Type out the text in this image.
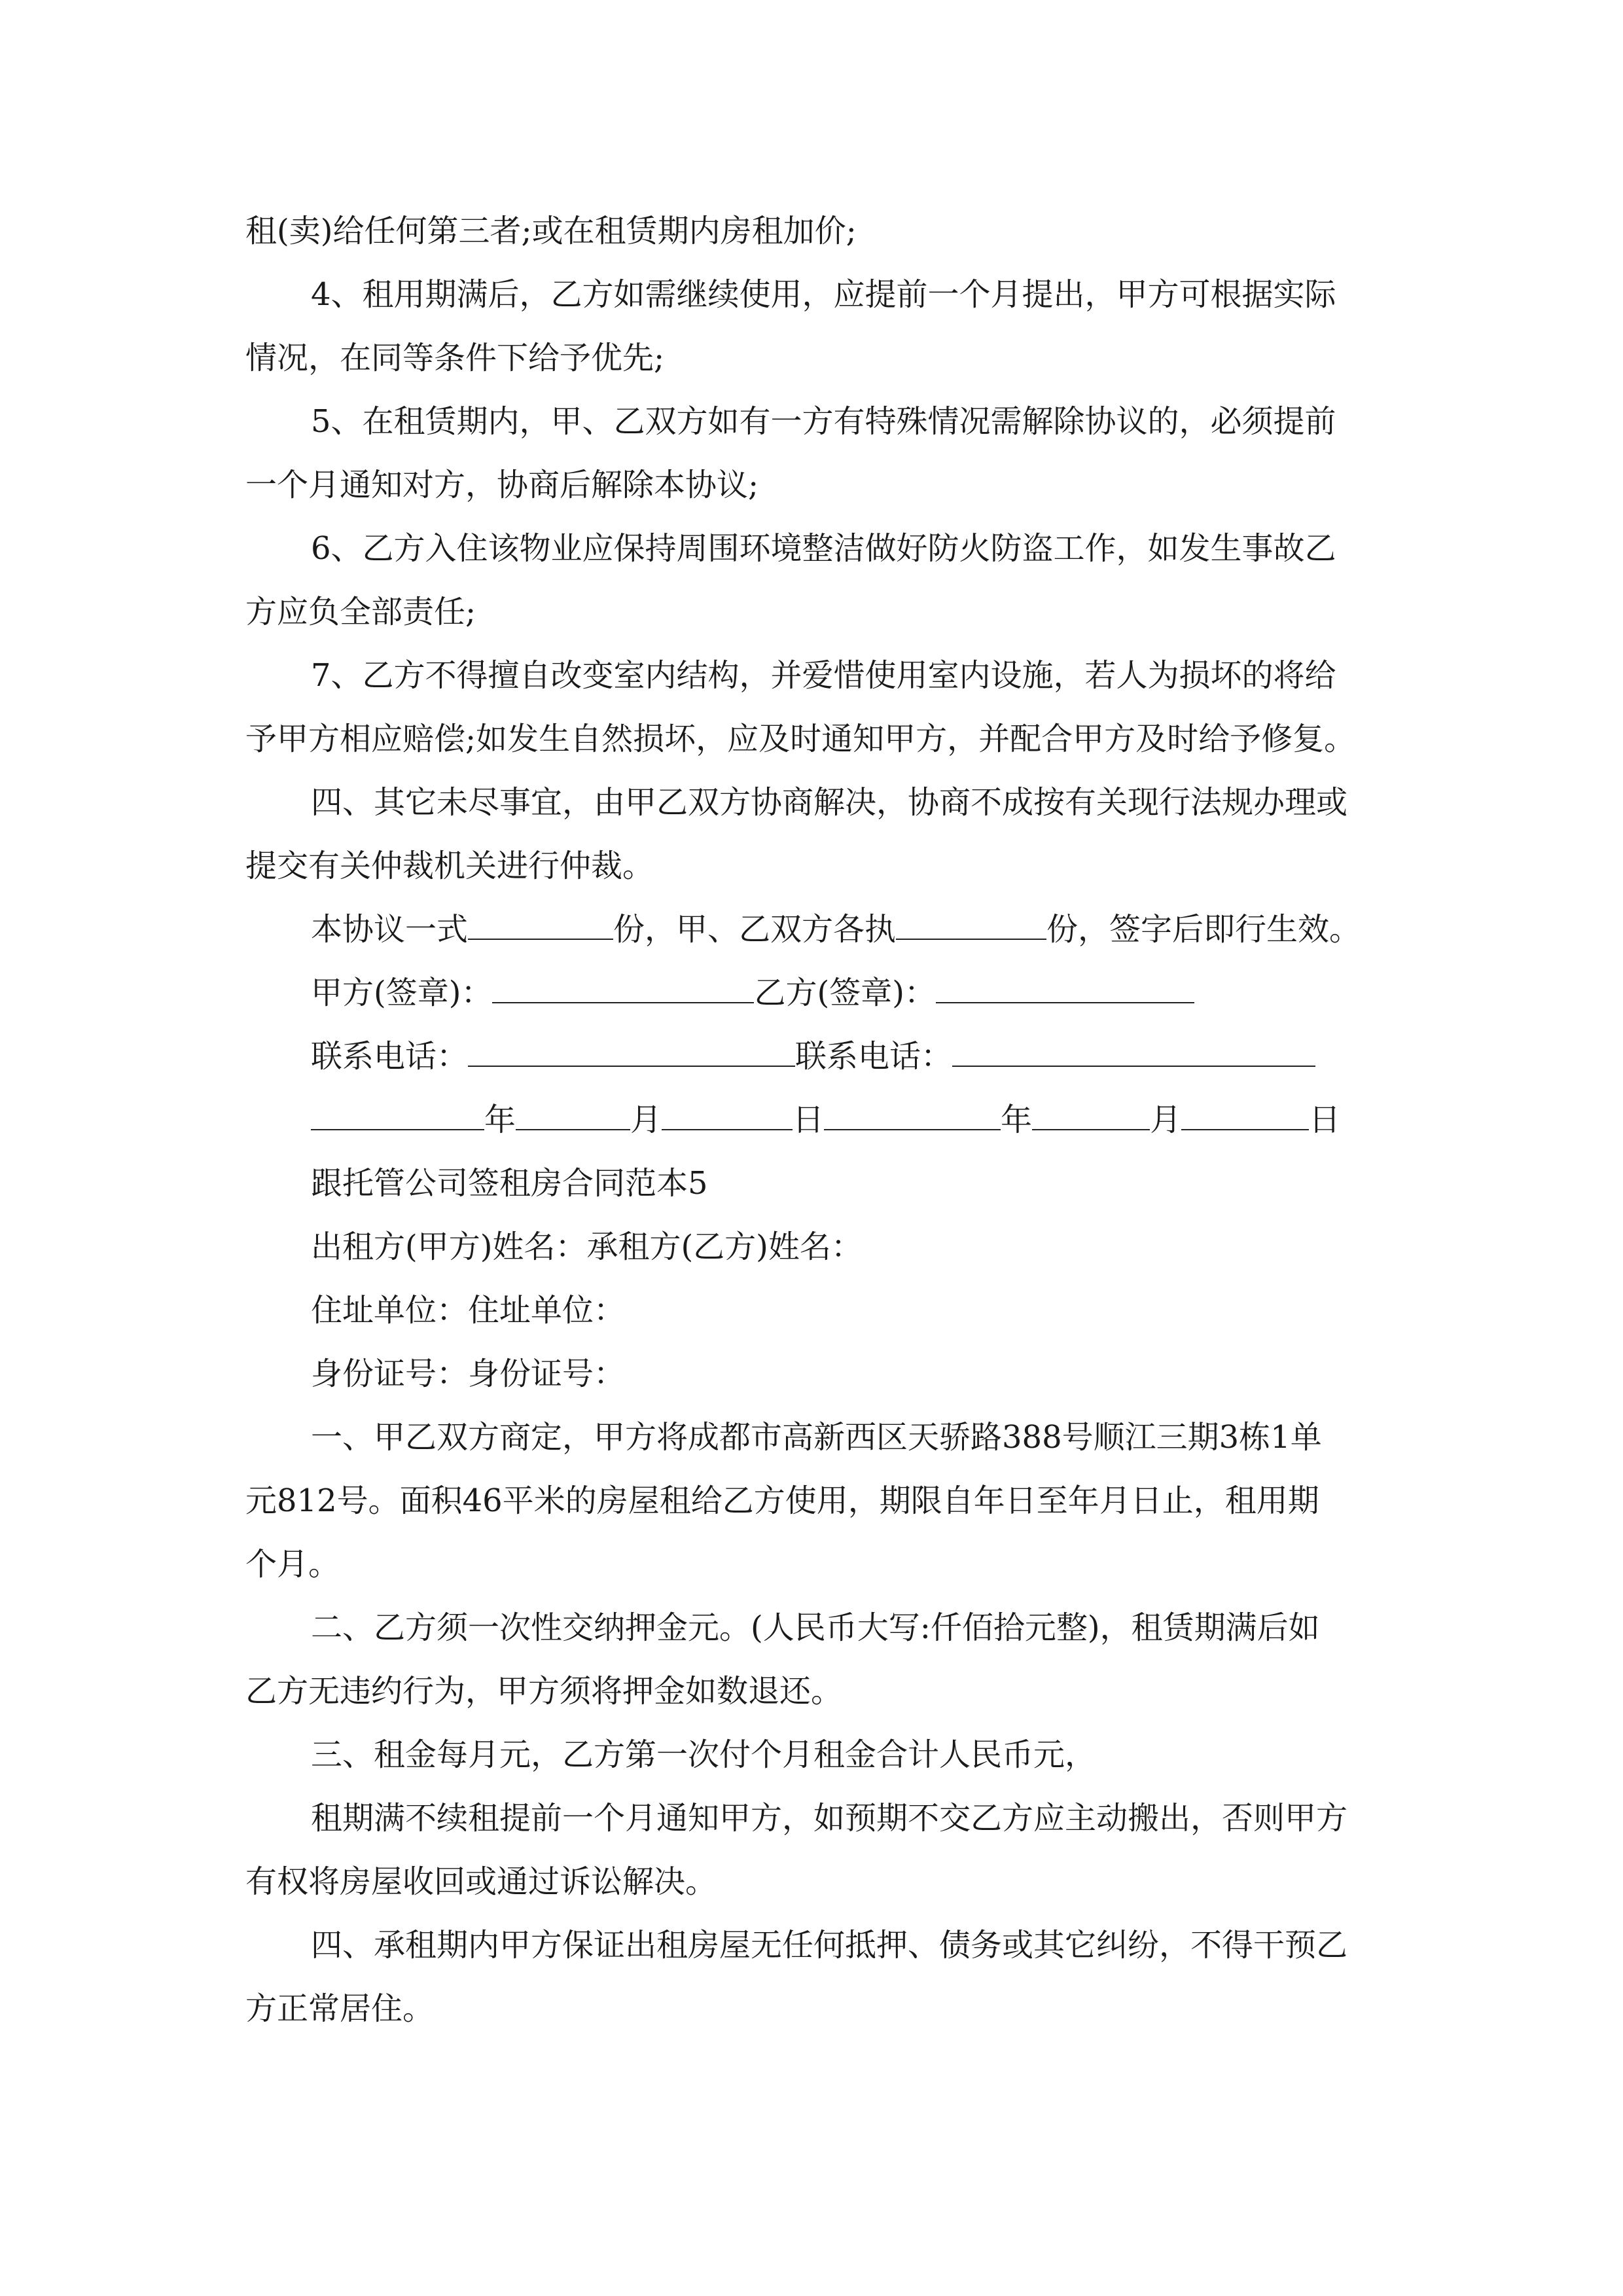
租(卖)给任何第三者;或在租赁期内房租加价;

4、租用期满后，乙方如需继续使用，应提前一个月提出，甲方可根据实际

情况，在同等条件下给予优先;

5、在租赁期内，甲、乙双方如有一方有特殊情况需解除协议的，必须提前

一个月通知对方，协商后解除本协议;

6、乙方入住该物业应保持周围环境整洁做好防火防盗工作，如发生事故乙

方应负全部责任;

7、乙方不得擅自改变室内结构，并爱惜使用室内设施，若人为损坏的将给

予甲方相应赔偿;如发生自然损坏，应及时通知甲方，并配合甲方及时给予修复。

四、其它未尽事宜，由甲乙双方协商解决，协商不成按有关现行法规办理或

提交有关仲裁机关进行仲裁。

本协议一式	份，甲、乙双方各执	份，签字后即行生效。

甲方(签章)：	乙方(签章)：

联系电话：	联系电话：

年	月	日	年	月	日

跟托管公司签租房合同范本5

出租方(甲方)姓名：承租方(乙方)姓名：

住址单位：住址单位：

身份证号：身份证号：

一、甲乙双方商定，甲方将成都市高新西区天骄路388号顺江三期3栋1单

元812号。面积46平米的房屋租给乙方使用，期限自年日至年月日止，租用期

个月。

二、乙方须一次性交纳押金元。(人民币大写:仟佰拾元整)，租赁期满后如

乙方无违约行为，甲方须将押金如数退还。

三、租金每月元，乙方第一次付个月租金合计人民币元，

租期满不续租提前一个月通知甲方，如预期不交乙方应主动搬出，否则甲方

有权将房屋收回或通过诉讼解决。

四、承租期内甲方保证出租房屋无任何抵押、债务或其它纠纷，不得干预乙

方正常居住。
